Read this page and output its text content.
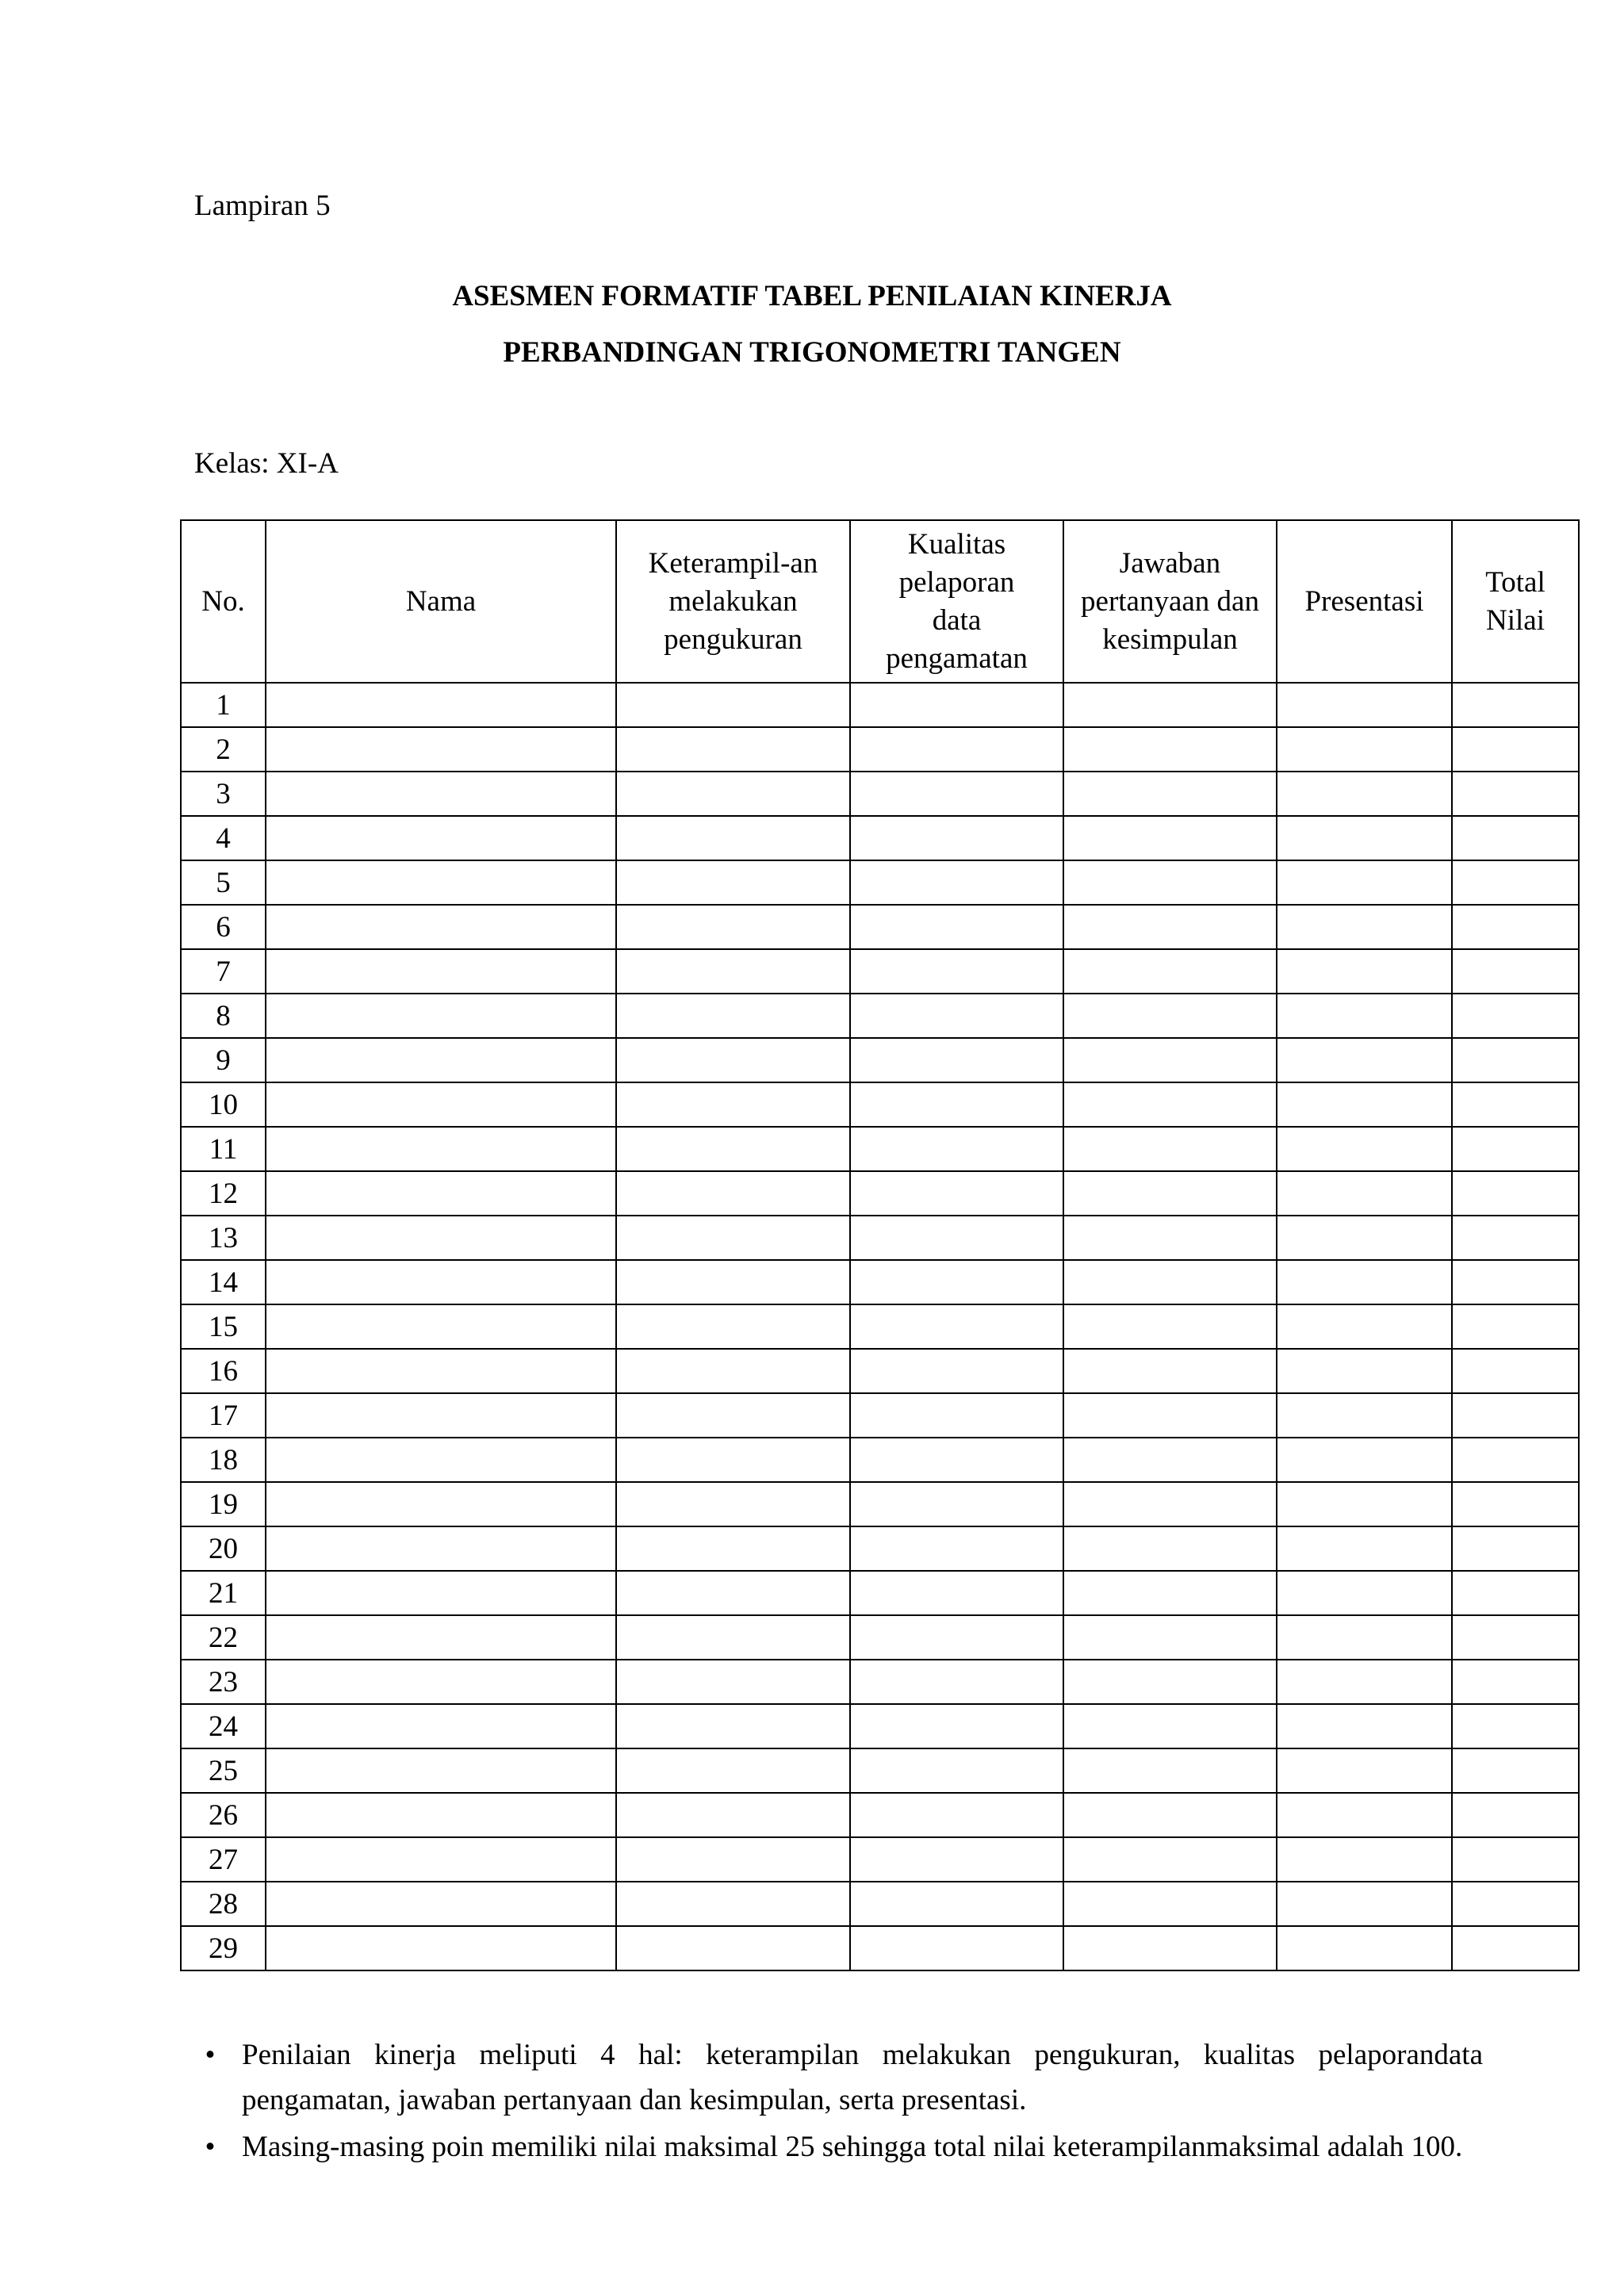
Lampiran 5
ASESMEN FORMATIF TABEL PENILAIAN KINERJA
PERBANDINGAN TRIGONOMETRI TANGEN
Kelas: XI-A
No.	Nama	Keterampil-an melakukan pengukuran	Kualitas pelaporan data pengamatan	Jawaban pertanyaan dan kesimpulan	Presentasi	Total Nilai
1						
2						
3						
4						
5						
6						
7						
8						
9						
10						
11						
12						
13						
14						
15						
16						
17						
18						
19						
20						
21						
22						
23						
24						
25						
26						
27						
28						
29						
• Penilaian kinerja meliputi 4 hal: keterampilan melakukan pengukuran, kualitas pelaporandata pengamatan, jawaban pertanyaan dan kesimpulan, serta presentasi.
• Masing-masing poin memiliki nilai maksimal 25 sehingga total nilai keterampilanmaksimal adalah 100.
